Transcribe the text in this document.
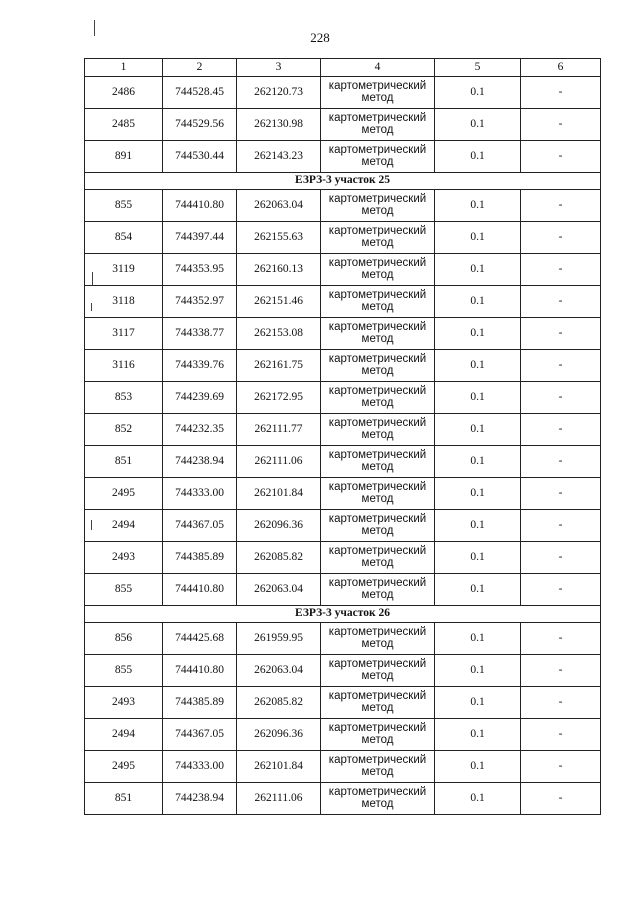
228
1	2	3	4	5	6
2486	744528.45	262120.73	картометрический метод	0.1	-
2485	744529.56	262130.98	картометрический метод	0.1	-
891	744530.44	262143.23	картометрический метод	0.1	-
ЕЗРЗ-3 участок 25					
855	744410.80	262063.04	картометрический метод	0.1	-
854	744397.44	262155.63	картометрический метод	0.1	-
3119	744353.95	262160.13	картометрический метод	0.1	-
3118	744352.97	262151.46	картометрический метод	0.1	-
3117	744338.77	262153.08	картометрический метод	0.1	-
3116	744339.76	262161.75	картометрический метод	0.1	-
853	744239.69	262172.95	картометрический метод	0.1	-
852	744232.35	262111.77	картометрический метод	0.1	-
851	744238.94	262111.06	картометрический метод	0.1	-
2495	744333.00	262101.84	картометрический метод	0.1	-
2494	744367.05	262096.36	картометрический метод	0.1	-
2493	744385.89	262085.82	картометрический метод	0.1	-
855	744410.80	262063.04	картометрический метод	0.1	-
ЕЗРЗ-3 участок 26					
856	744425.68	261959.95	картометрический метод	0.1	-
855	744410.80	262063.04	картометрический метод	0.1	-
2493	744385.89	262085.82	картометрический метод	0.1	-
2494	744367.05	262096.36	картометрический метод	0.1	-
2495	744333.00	262101.84	картометрический метод	0.1	-
851	744238.94	262111.06	картометрический метод	0.1	-
